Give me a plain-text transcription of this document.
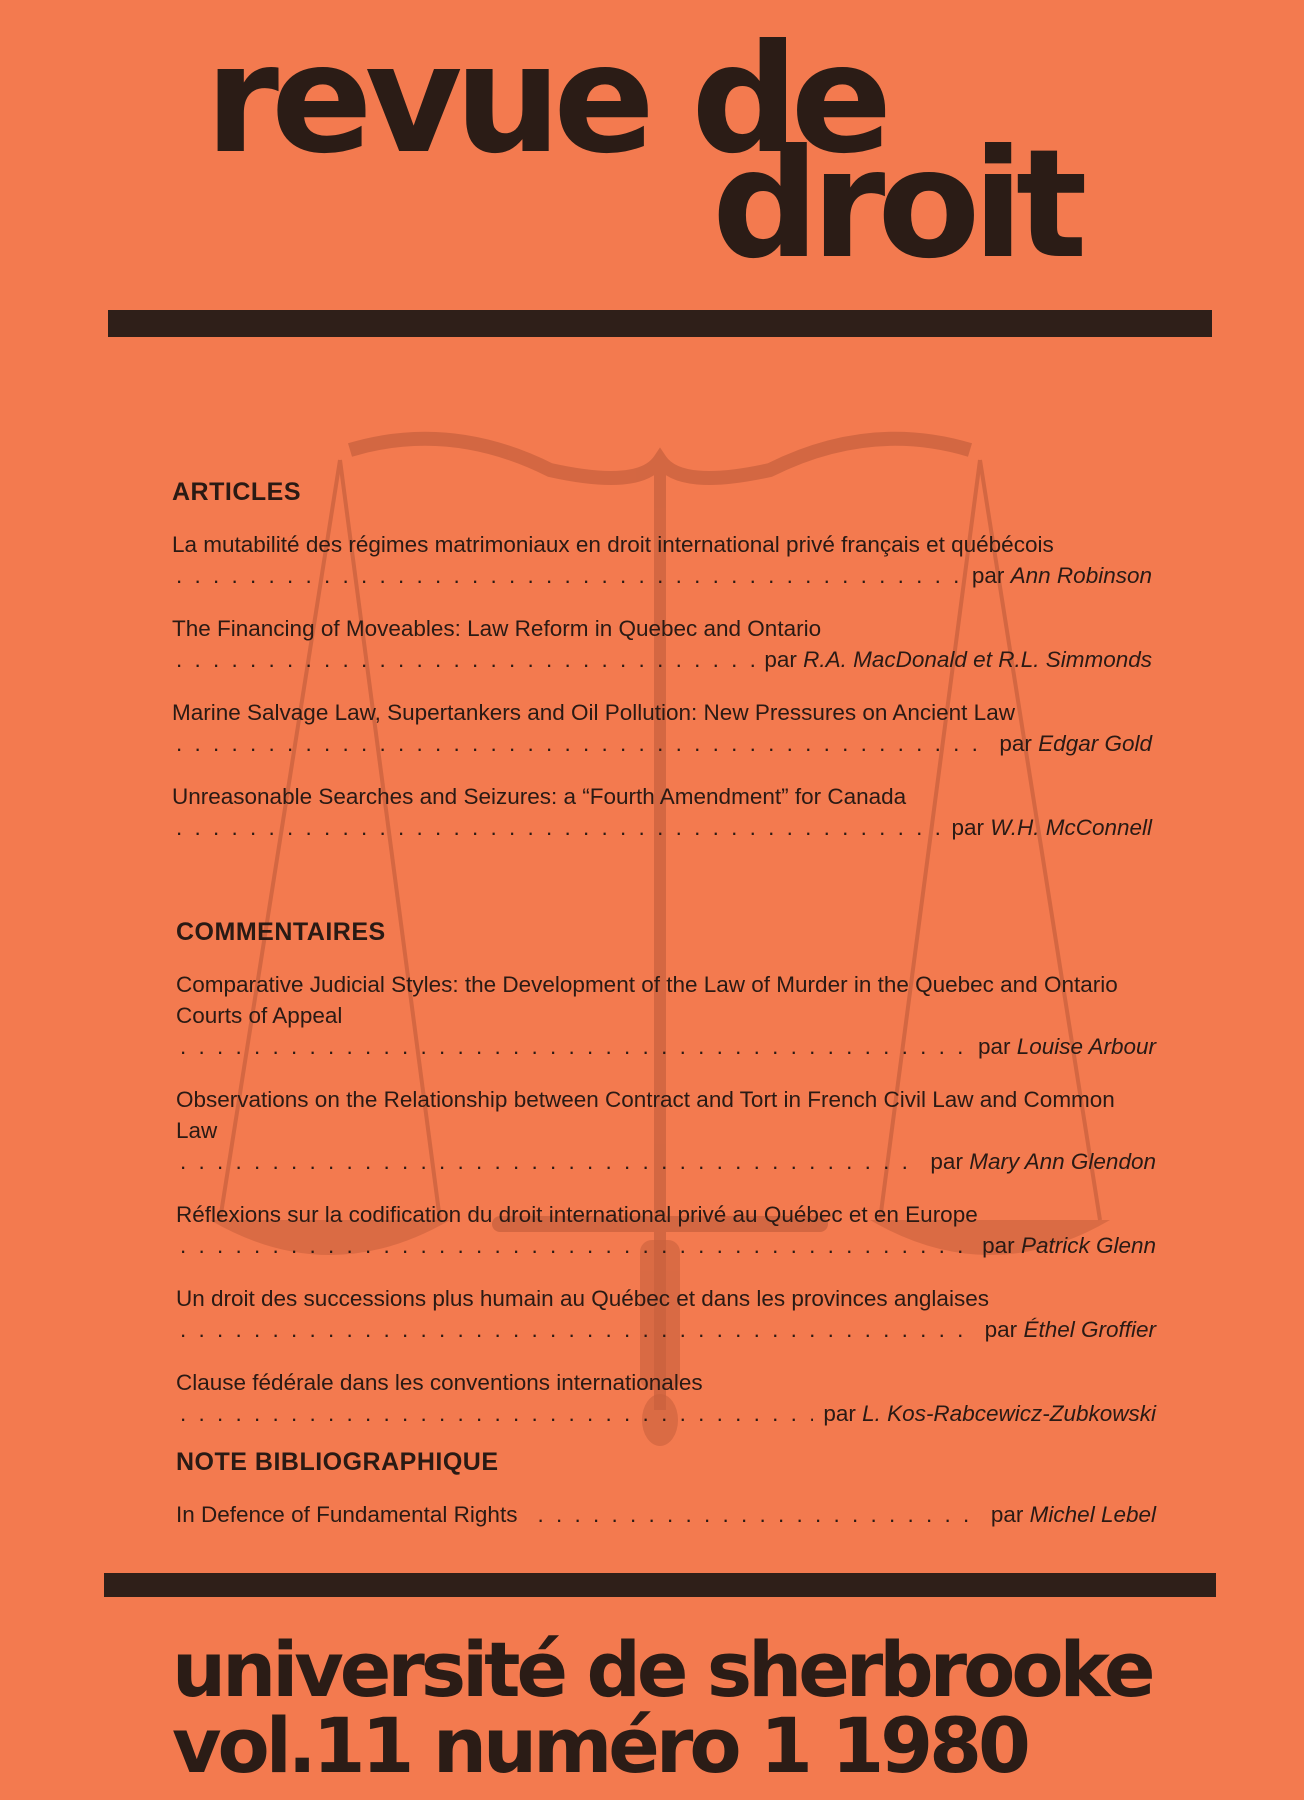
revue de
droit
ARTICLES
La mutabilité des régimes matrimoniaux en droit international privé français et québécois
. . .
par Ann Robinson
The Financing of Moveables: Law Reform in Quebec and Ontario
. . .
par R.A. MacDonald et R.L. Simmonds
Marine Salvage Law, Supertankers and Oil Pollution: New Pressures on Ancient Law
. . .
par Edgar Gold
Unreasonable Searches and Seizures: a “Fourth Amendment” for Canada
. . .
par W.H. McConnell
COMMENTAIRES
Comparative Judicial Styles: the Development of the Law of Murder in the Quebec and Ontario Courts of Appeal
. . .
par Louise Arbour
Observations on the Relationship between Contract and Tort in French Civil Law and Common Law
. . .
par Mary Ann Glendon
Réflexions sur la codification du droit international privé au Québec et en Europe
. . .
par Patrick Glenn
Un droit des successions plus humain au Québec et dans les provinces anglaises
. . .
par Éthel Groffier
Clause fédérale dans les conventions internationales
. . .
par L. Kos-Rabcewicz-Zubkowski
NOTE BIBLIOGRAPHIQUE
In Defence of Fundamental Rights
. . .	par Michel Lebel
université de sherbrooke
vol.11 numéro 1 1980
